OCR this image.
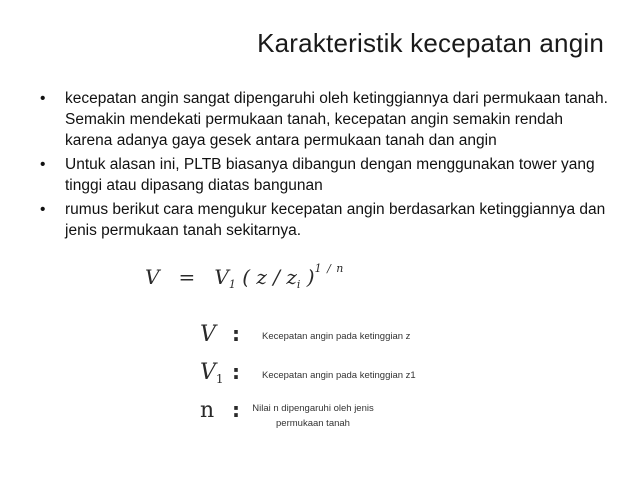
Karakteristik kecepatan angin
•	kecepatan angin sangat dipengaruhi oleh ketinggiannya dari permukaan tanah. Semakin mendekati permukaan tanah, kecepatan angin semakin rendah karena adanya gaya gesek antara permukaan tanah dan angin
•	Untuk alasan ini, PLTB biasanya dibangun dengan menggunakan tower yang tinggi atau dipasang diatas bangunan
•	rumus berikut cara mengukur kecepatan angin berdasarkan ketinggiannya dan jenis permukaan tanah sekitarnya.
$V = V_1$ ( z / $z_i$ )$^{1 / n}$
V : Kecepatan angin pada ketinggian z
$V_1$ : Kecepatan angin pada ketinggian z1
n :	Nilai n dipengaruhi oleh jenis
permukaan tanah
